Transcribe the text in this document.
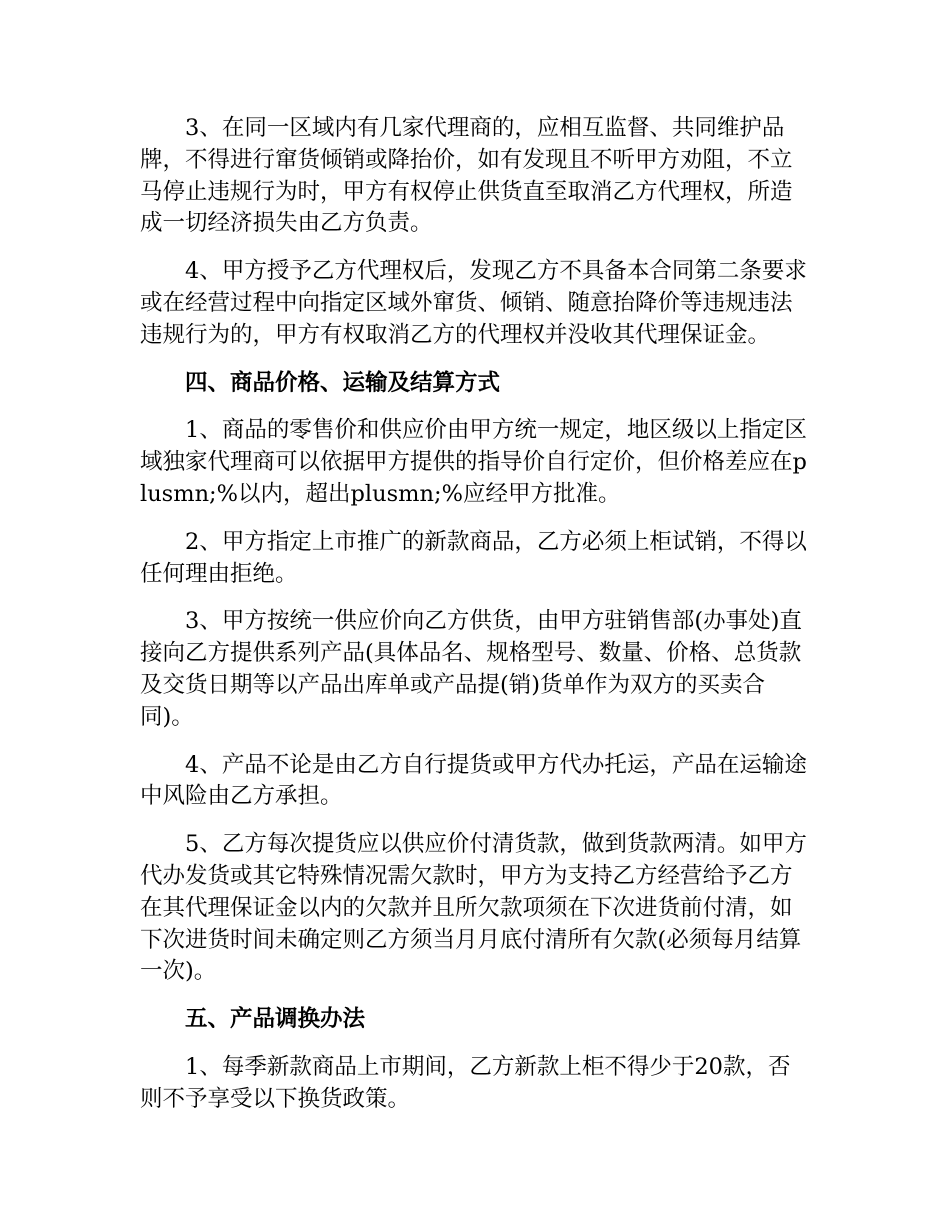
3、在同一区域内有几家代理商的，应相互监督、共同维护品牌，不得进行窜货倾销或降抬价，如有发现且不听甲方劝阻，不立马停止违规行为时，甲方有权停止供货直至取消乙方代理权，所造成一切经济损失由乙方负责。

4、甲方授予乙方代理权后，发现乙方不具备本合同第二条要求或在经营过程中向指定区域外窜货、倾销、随意抬降价等违规违法违规行为的，甲方有权取消乙方的代理权并没收其代理保证金。

四、商品价格、运输及结算方式

1、商品的零售价和供应价由甲方统一规定，地区级以上指定区域独家代理商可以依据甲方提供的指导价自行定价，但价格差应在plusmn;%以内，超出plusmn;%应经甲方批准。

2、甲方指定上市推广的新款商品，乙方必须上柜试销，不得以任何理由拒绝。

3、甲方按统一供应价向乙方供货，由甲方驻销售部(办事处)直接向乙方提供系列产品(具体品名、规格型号、数量、价格、总货款及交货日期等以产品出库单或产品提(销)货单作为双方的买卖合同)。

4、产品不论是由乙方自行提货或甲方代办托运，产品在运输途中风险由乙方承担。

5、乙方每次提货应以供应价付清货款，做到货款两清。如甲方代办发货或其它特殊情况需欠款时，甲方为支持乙方经营给予乙方在其代理保证金以内的欠款并且所欠款项须在下次进货前付清，如下次进货时间未确定则乙方须当月月底付清所有欠款(必须每月结算一次)。

五、产品调换办法

1、每季新款商品上市期间，乙方新款上柜不得少于20款，否则不予享受以下换货政策。
